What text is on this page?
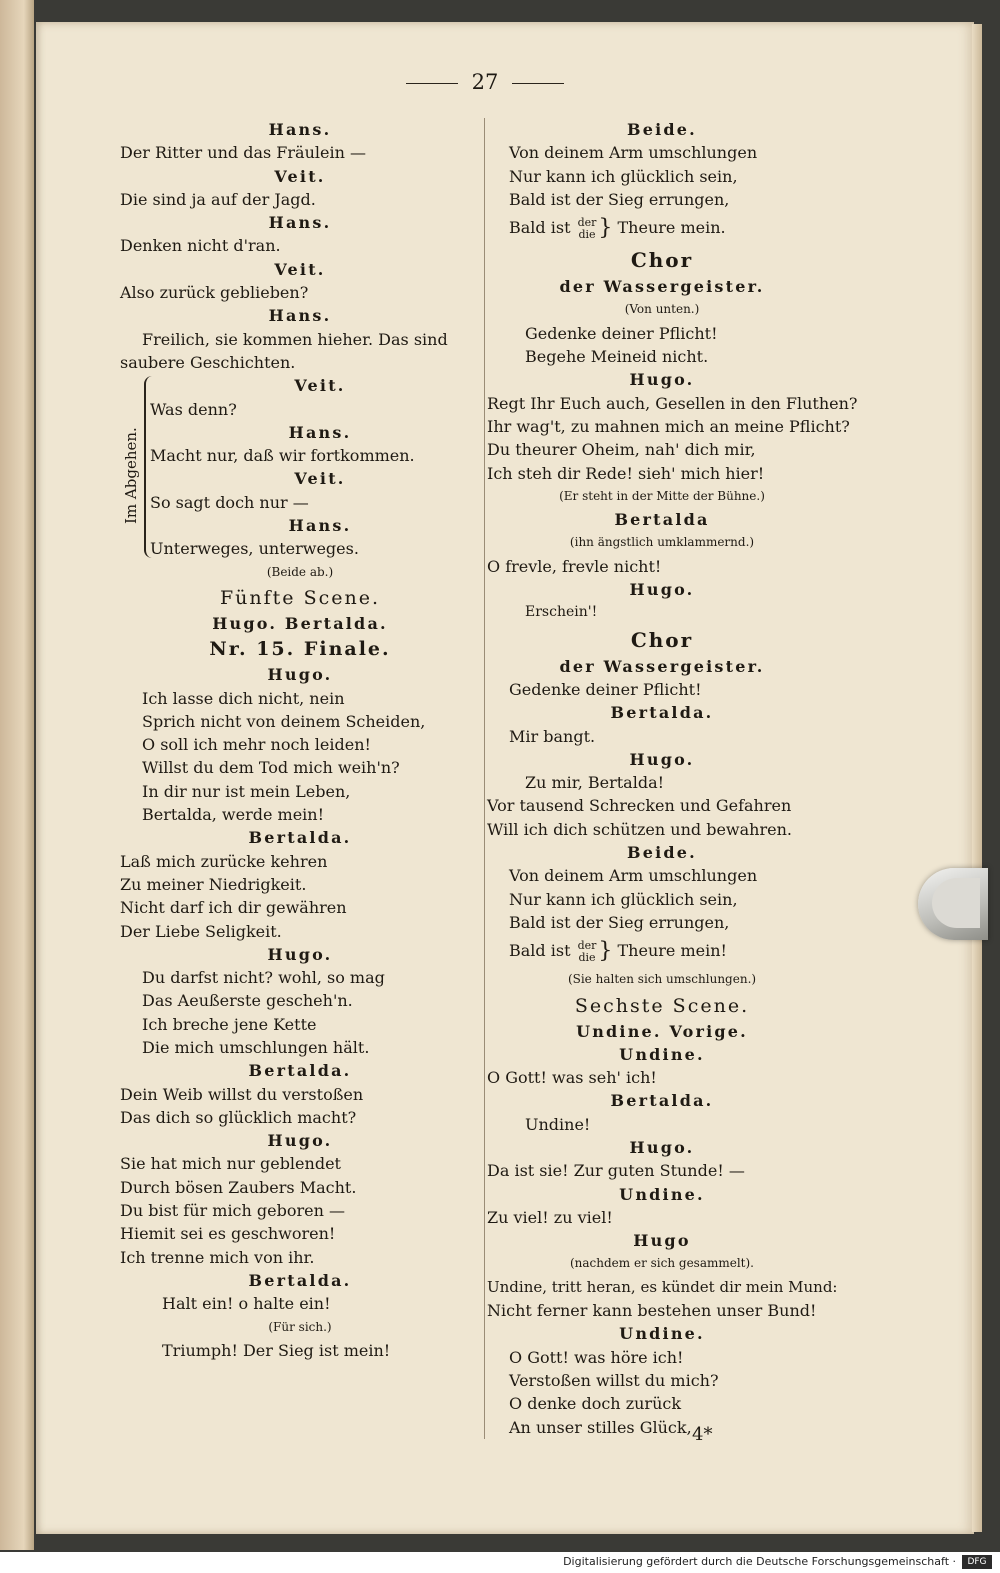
27
Hans.
Der Ritter und das Fräulein —
Veit.
Die sind ja auf der Jagd.
Hans.
Denken nicht d'ran.
Veit.
Also zurück geblieben?
Hans.
Freilich, sie kommen hieher. Das sind
saubere Geschichten.
Im Abgehen.
Veit.
Was denn?
Hans.
Macht nur, daß wir fortkommen.
Veit.
So sagt doch nur —
Hans.
Unterweges, unterweges.
(Beide ab.)
Fünfte Scene.
Hugo. Bertalda.
Nr. 15. Finale.
Hugo.
Ich lasse dich nicht, nein
Sprich nicht von deinem Scheiden,
O soll ich mehr noch leiden!
Willst du dem Tod mich weih'n?
In dir nur ist mein Leben,
Bertalda, werde mein!
Bertalda.
Laß mich zurücke kehren
Zu meiner Niedrigkeit.
Nicht darf ich dir gewähren
Der Liebe Seligkeit.
Hugo.
Du darfst nicht? wohl, so mag
Das Aeußerste gescheh'n.
Ich breche jene Kette
Die mich umschlungen hält.
Bertalda.
Dein Weib willst du verstoßen
Das dich so glücklich macht?
Hugo.
Sie hat mich nur geblendet
Durch bösen Zaubers Macht.
Du bist für mich geboren —
Hiemit sei es geschworen!
Ich trenne mich von ihr.
Bertalda.
Halt ein! o halte ein!
(Für sich.)
Triumph! Der Sieg ist mein!
Beide.
Von deinem Arm umschlungen
Nur kann ich glücklich sein,
Bald ist der Sieg errungen,
Bald ist der
die } Theure mein.
Chor
der Wassergeister.
(Von unten.)
Gedenke deiner Pflicht!
Begehe Meineid nicht.
Hugo.
Regt Ihr Euch auch, Gesellen in den Fluthen?
Ihr wag't, zu mahnen mich an meine Pflicht?
Du theurer Oheim, nah' dich mir,
Ich steh dir Rede! sieh' mich hier!
(Er steht in der Mitte der Bühne.)
Bertalda
(ihn ängstlich umklammernd.)
O frevle, frevle nicht!
Hugo.
Erschein'!
Chor
der Wassergeister.
Gedenke deiner Pflicht!
Bertalda.
Mir bangt.
Hugo.
Zu mir, Bertalda!
Vor tausend Schrecken und Gefahren
Will ich dich schützen und bewahren.
Beide.
Von deinem Arm umschlungen
Nur kann ich glücklich sein,
Bald ist der Sieg errungen,
Bald ist der
die } Theure mein!
(Sie halten sich umschlungen.)
Sechste Scene.
Undine. Vorige.
Undine.
O Gott! was seh' ich!
Bertalda.
Undine!
Hugo.
Da ist sie! Zur guten Stunde! —
Undine.
Zu viel! zu viel!
Hugo
(nachdem er sich gesammelt).
Undine, tritt heran, es kündet dir mein Mund:
Nicht ferner kann bestehen unser Bund!
Undine.
O Gott! was höre ich!
Verstoßen willst du mich?
O denke doch zurück
An unser stilles Glück, 4*
Digitalisierung gefördert durch die Deutsche Forschungsgemeinschaft ·	DFG
